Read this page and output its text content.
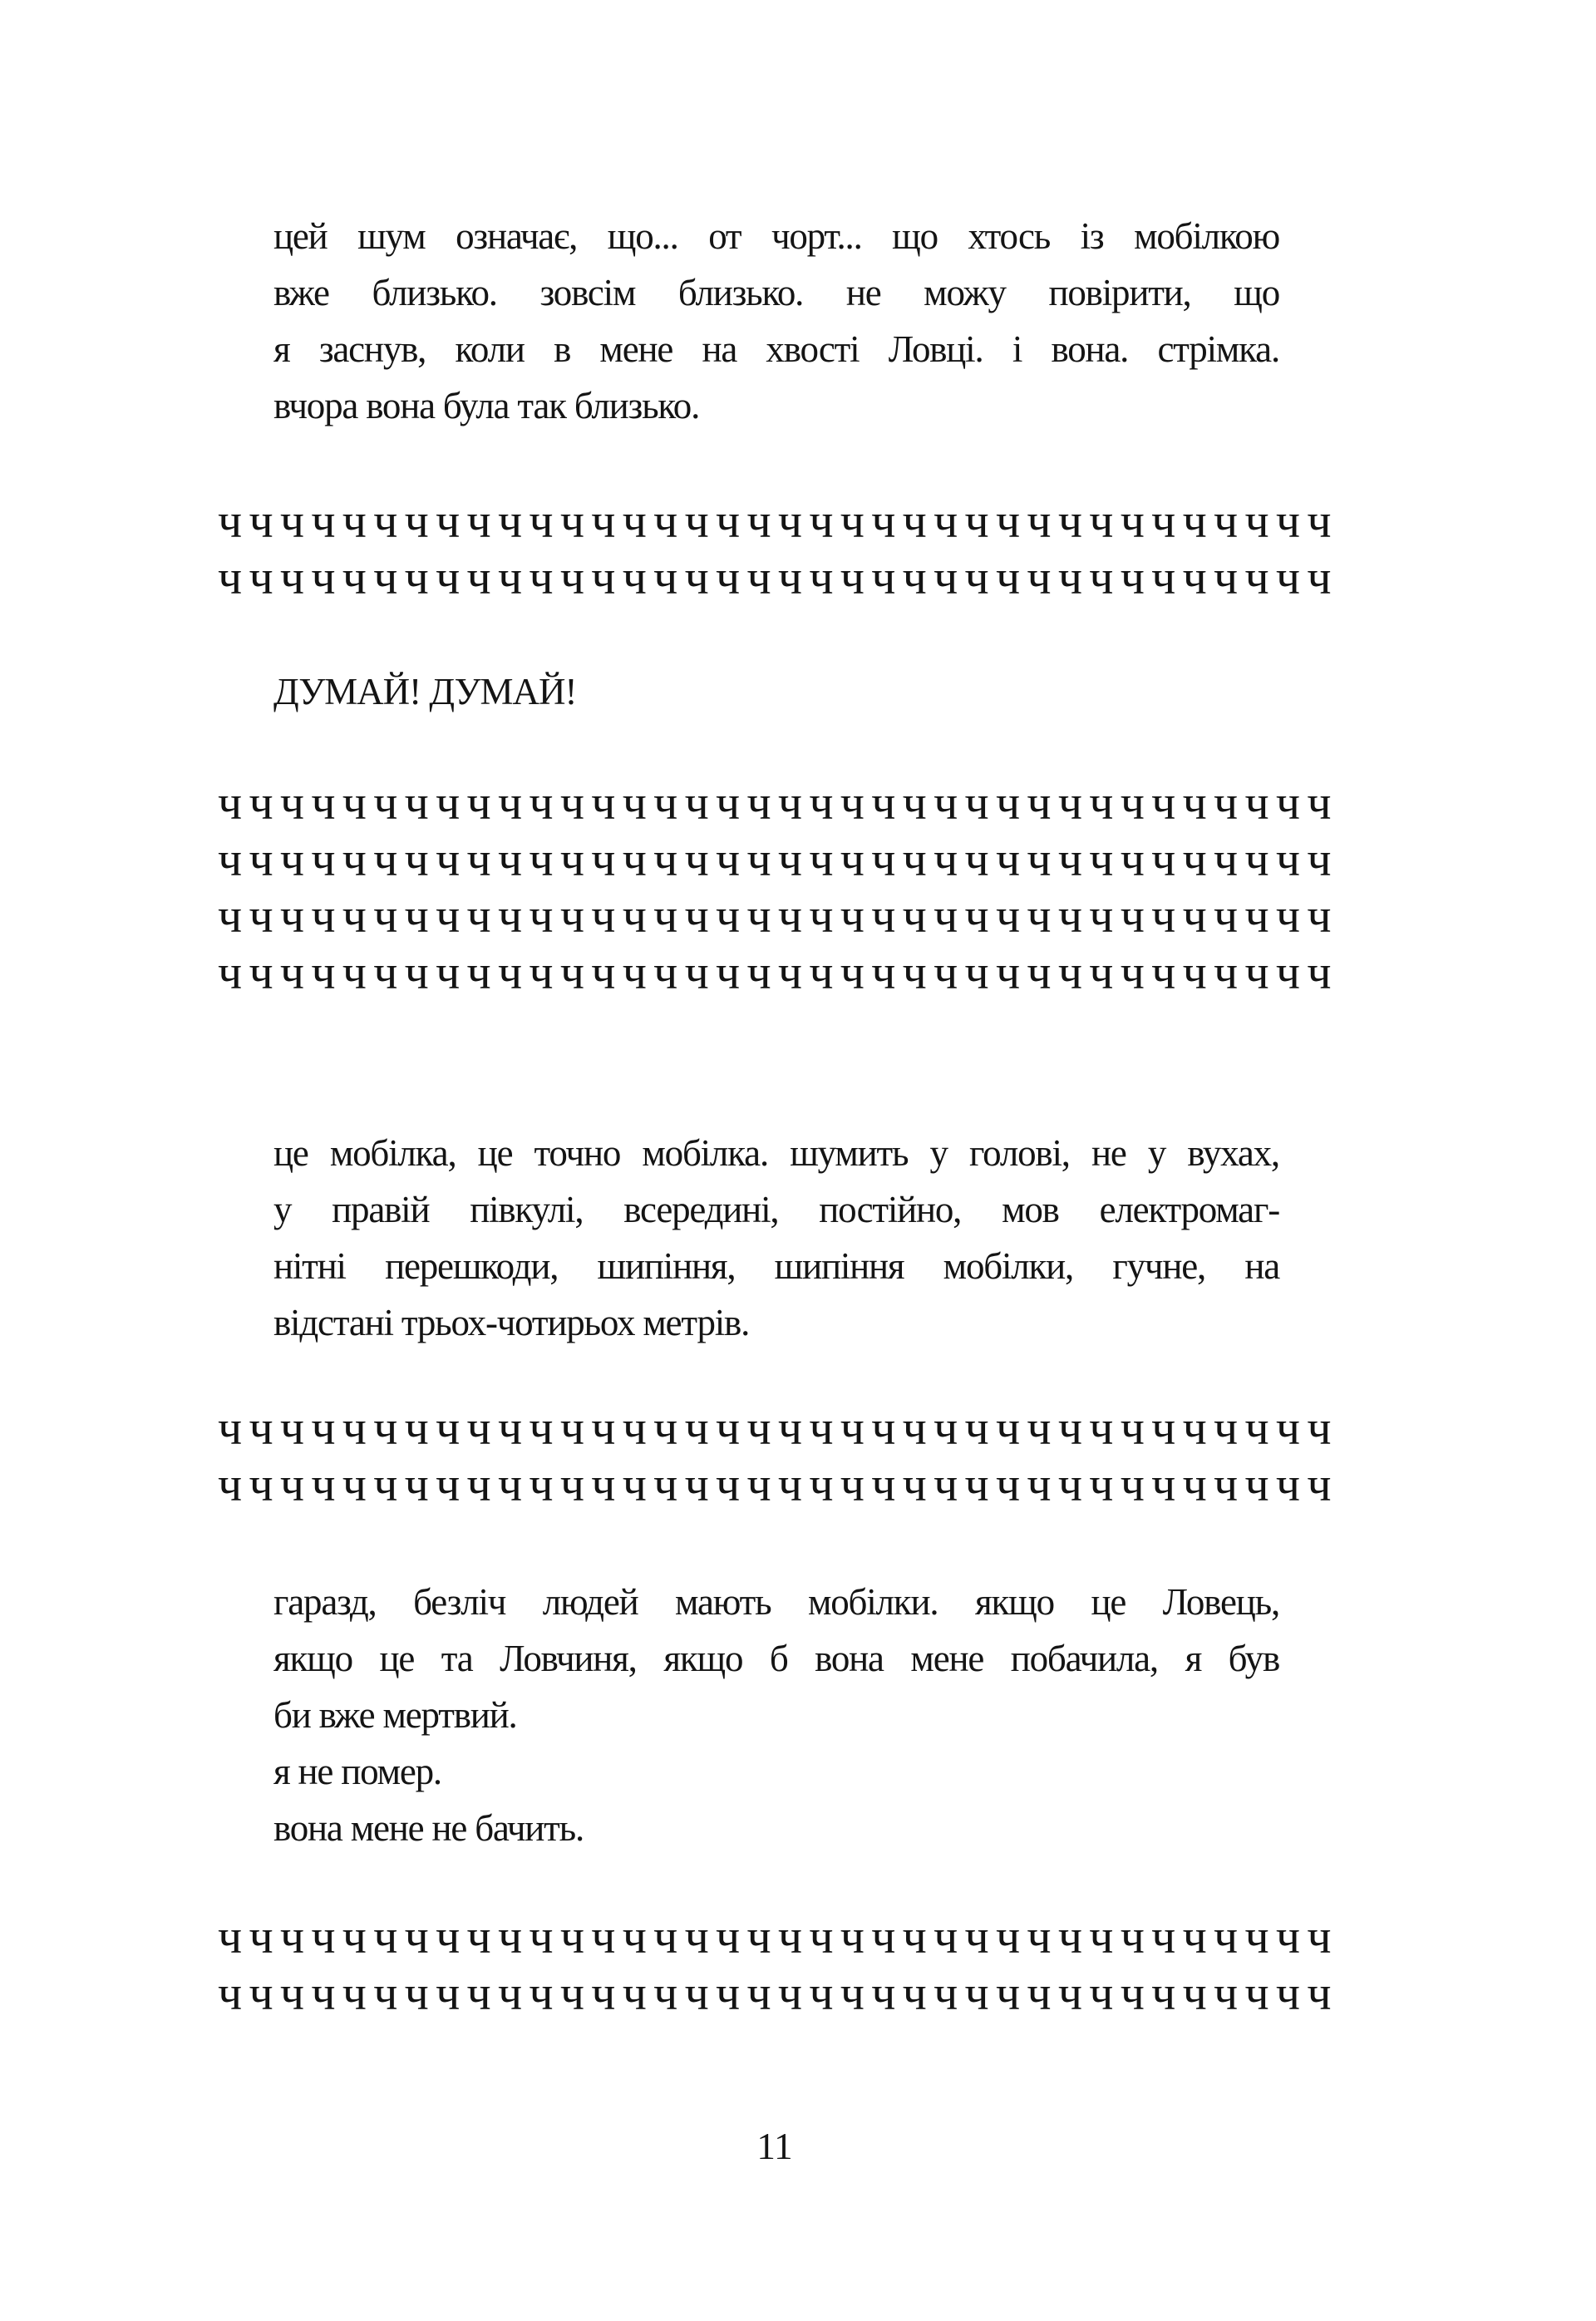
цей шум означає, що... от чорт... що хтось із мобілкою
вже близько. зовсім близько. не можу повірити, що
я заснув, коли в мене на хвості Ловці. і вона. стрімка.
вчора вона була так близько.
ч ч ч ч ч ч ч ч ч ч ч ч ч ч ч ч ч ч ч ч ч ч ч ч ч ч ч ч ч ч ч ч ч ч ч ч
ч ч ч ч ч ч ч ч ч ч ч ч ч ч ч ч ч ч ч ч ч ч ч ч ч ч ч ч ч ч ч ч ч ч ч ч
ДУМАЙ! ДУМАЙ!
ч ч ч ч ч ч ч ч ч ч ч ч ч ч ч ч ч ч ч ч ч ч ч ч ч ч ч ч ч ч ч ч ч ч ч ч
ч ч ч ч ч ч ч ч ч ч ч ч ч ч ч ч ч ч ч ч ч ч ч ч ч ч ч ч ч ч ч ч ч ч ч ч
ч ч ч ч ч ч ч ч ч ч ч ч ч ч ч ч ч ч ч ч ч ч ч ч ч ч ч ч ч ч ч ч ч ч ч ч
ч ч ч ч ч ч ч ч ч ч ч ч ч ч ч ч ч ч ч ч ч ч ч ч ч ч ч ч ч ч ч ч ч ч ч ч
це мобілка, це точно мобілка. шумить у голові, не у вухах,
у правій півкулі, всередині, постійно, мов електромаг-
нітні перешкоди, шипіння, шипіння мобілки, гучне, на
відстані трьох-чотирьох метрів.
ч ч ч ч ч ч ч ч ч ч ч ч ч ч ч ч ч ч ч ч ч ч ч ч ч ч ч ч ч ч ч ч ч ч ч ч
ч ч ч ч ч ч ч ч ч ч ч ч ч ч ч ч ч ч ч ч ч ч ч ч ч ч ч ч ч ч ч ч ч ч ч ч
гаразд, безліч людей мають мобілки. якщо це Ловець,
якщо це та Ловчиня, якщо б вона мене побачила, я був
би вже мертвий.
я не помер.
вона мене не бачить.
ч ч ч ч ч ч ч ч ч ч ч ч ч ч ч ч ч ч ч ч ч ч ч ч ч ч ч ч ч ч ч ч ч ч ч ч
ч ч ч ч ч ч ч ч ч ч ч ч ч ч ч ч ч ч ч ч ч ч ч ч ч ч ч ч ч ч ч ч ч ч ч ч
11
